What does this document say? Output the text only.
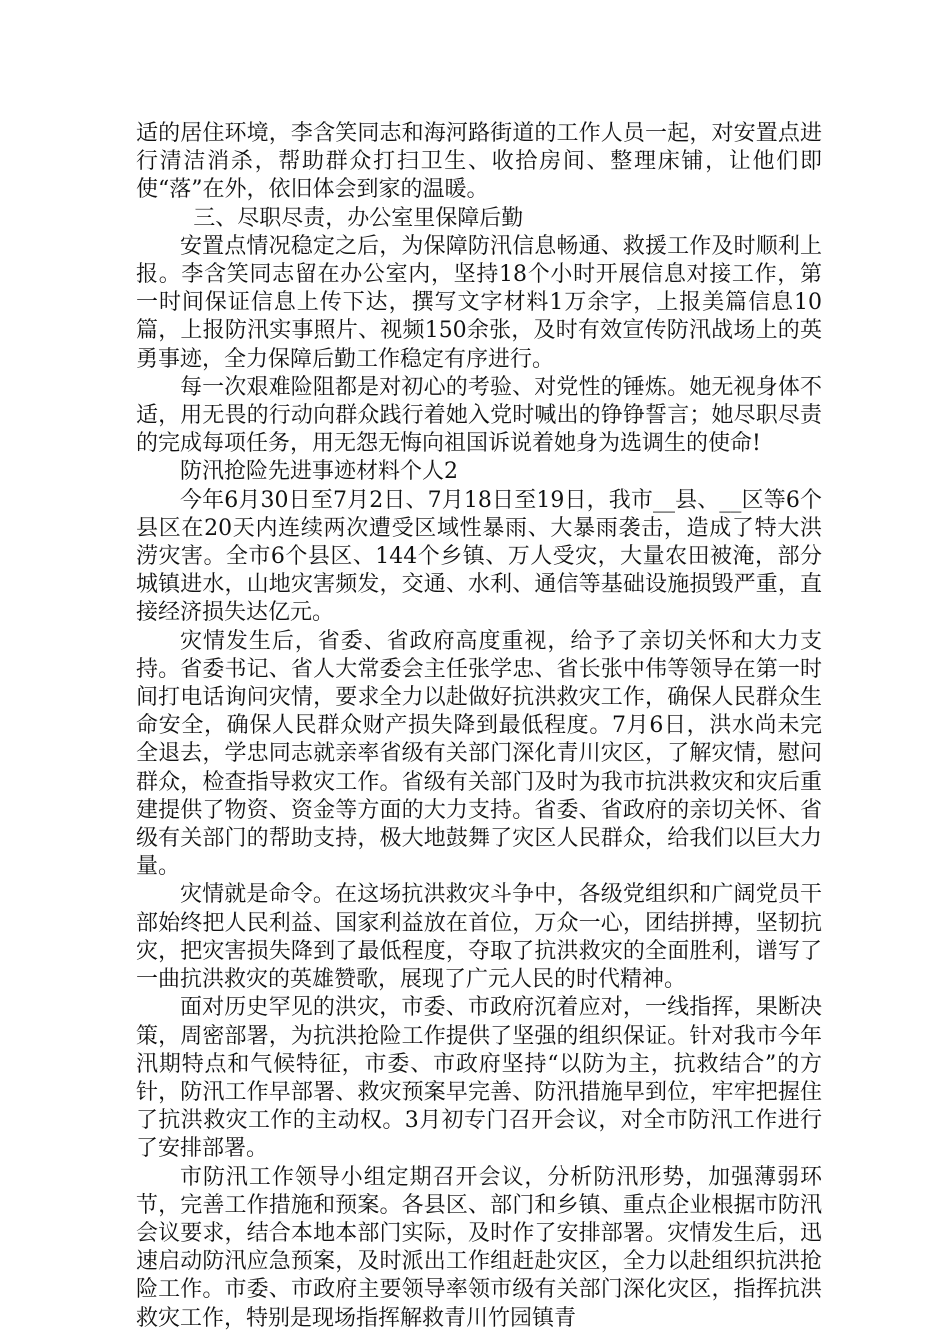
适的居住环境，李含笑同志和海河路街道的工作人员一起，对安置点进行清洁消杀，帮助群众打扫卫生、收拾房间、整理床铺，让他们即使“落”在外，依旧体会到家的温暖。

三、尽职尽责，办公室里保障后勤

安置点情况稳定之后，为保障防汛信息畅通、救援工作及时顺利上报。李含笑同志留在办公室内，坚持18个小时开展信息对接工作，第一时间保证信息上传下达，撰写文字材料1万余字，上报美篇信息10篇，上报防汛实事照片、视频150余张，及时有效宣传防汛战场上的英勇事迹，全力保障后勤工作稳定有序进行。

每一次艰难险阻都是对初心的考验、对党性的锤炼。她无视身体不适，用无畏的行动向群众践行着她入党时喊出的铮铮誓言；她尽职尽责的完成每项任务，用无怨无悔向祖国诉说着她身为选调生的使命!

防汛抢险先进事迹材料个人2

今年6月30日至7月2日、7月18日至19日，我市__县、__区等6个县区在20天内连续两次遭受区域性暴雨、大暴雨袭击，造成了特大洪涝灾害。全市6个县区、144个乡镇、万人受灾，大量农田被淹，部分城镇进水，山地灾害频发，交通、水利、通信等基础设施损毁严重，直接经济损失达亿元。

灾情发生后，省委、省政府高度重视，给予了亲切关怀和大力支持。省委书记、省人大常委会主任张学忠、省长张中伟等领导在第一时间打电话询问灾情，要求全力以赴做好抗洪救灾工作，确保人民群众生命安全，确保人民群众财产损失降到最低程度。7月6日，洪水尚未完全退去，学忠同志就亲率省级有关部门深化青川灾区，了解灾情，慰问群众，检查指导救灾工作。省级有关部门及时为我市抗洪救灾和灾后重建提供了物资、资金等方面的大力支持。省委、省政府的亲切关怀、省级有关部门的帮助支持，极大地鼓舞了灾区人民群众，给我们以巨大力量。

灾情就是命令。在这场抗洪救灾斗争中，各级党组织和广阔党员干部始终把人民利益、国家利益放在首位，万众一心，团结拼搏，坚韧抗灾，把灾害损失降到了最低程度，夺取了抗洪救灾的全面胜利，谱写了一曲抗洪救灾的英雄赞歌，展现了广元人民的时代精神。

面对历史罕见的洪灾，市委、市政府沉着应对，一线指挥，果断决策，周密部署，为抗洪抢险工作提供了坚强的组织保证。针对我市今年汛期特点和气候特征，市委、市政府坚持“以防为主，抗救结合”的方针，防汛工作早部署、救灾预案早完善、防汛措施早到位，牢牢把握住了抗洪救灾工作的主动权。3月初专门召开会议，对全市防汛工作进行了安排部署。

市防汛工作领导小组定期召开会议，分析防汛形势，加强薄弱环节，完善工作措施和预案。各县区、部门和乡镇、重点企业根据市防汛会议要求，结合本地本部门实际，及时作了安排部署。灾情发生后，迅速启动防汛应急预案，及时派出工作组赶赴灾区，全力以赴组织抗洪抢险工作。市委、市政府主要领导率领市级有关部门深化灾区，指挥抗洪救灾工作，特别是现场指挥解救青川竹园镇青
